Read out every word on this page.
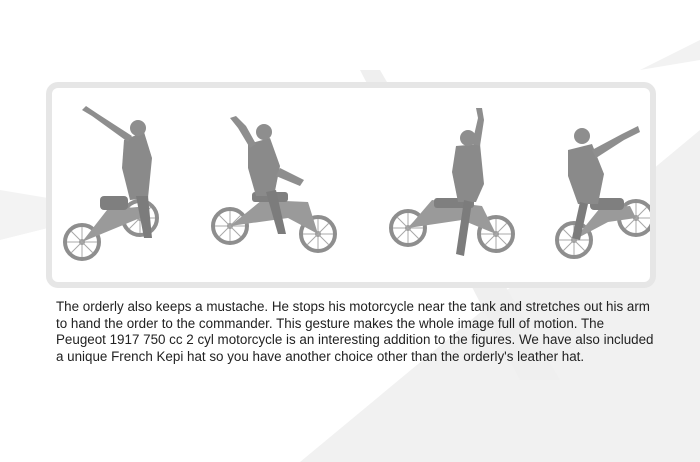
The orderly also keeps a mustache. He stops his motorcycle near the tank and stretches out his arm to hand the order to the commander. This gesture makes the whole image full of motion. The Peugeot 1917 750 cc 2 cyl motorcycle is an interesting addition to the figures. We have also included a unique French Kepi hat so you have another choice other than the orderly's leather hat.
